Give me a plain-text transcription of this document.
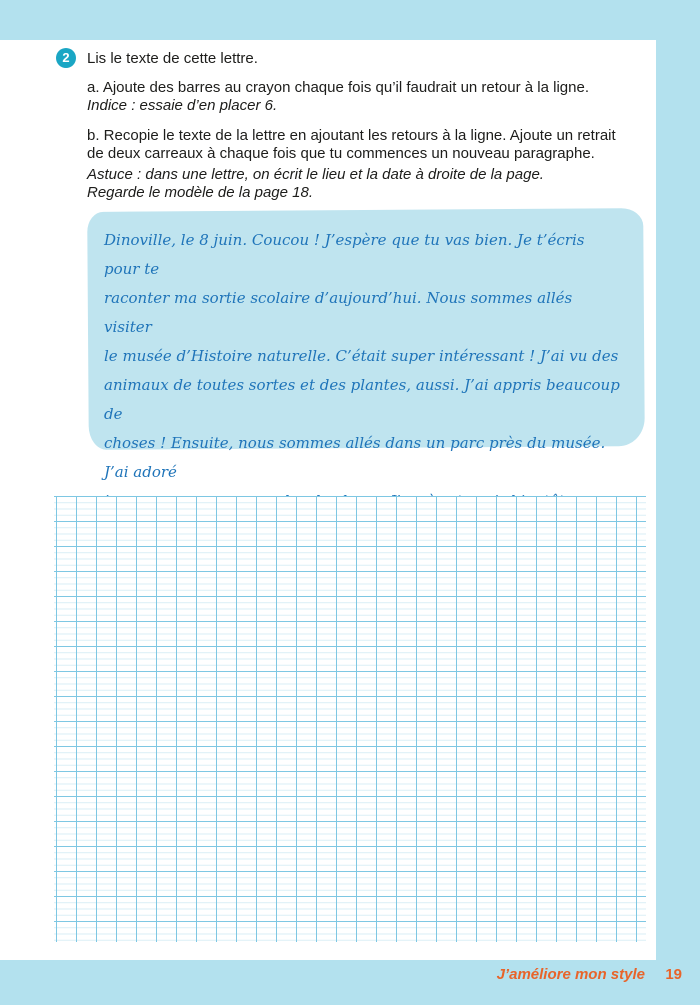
2	Lis le texte de cette lettre.
a. Ajoute des barres au crayon chaque fois qu’il faudrait un retour à la ligne.
Indice : essaie d’en placer 6.
b. Recopie le texte de la lettre en ajoutant les retours à la ligne. Ajoute un retrait de deux carreaux à chaque fois que tu commences un nouveau paragraphe.
Astuce : dans une lettre, on écrit le lieu et la date à droite de la page.
Regarde le modèle de la page 18.
Dinoville, le 8 juin. Coucou ! J’espère que tu vas bien. Je t’écris pour te
raconter ma sortie scolaire d’aujourd’hui. Nous sommes allés visiter
le musée d’Histoire naturelle. C’était super intéressant ! J’ai vu des
animaux de toutes sortes et des plantes, aussi. J’ai appris beaucoup de
choses ! Ensuite, nous sommes allés dans un parc près du musée. J’ai adoré
J’améliore mon style 19
